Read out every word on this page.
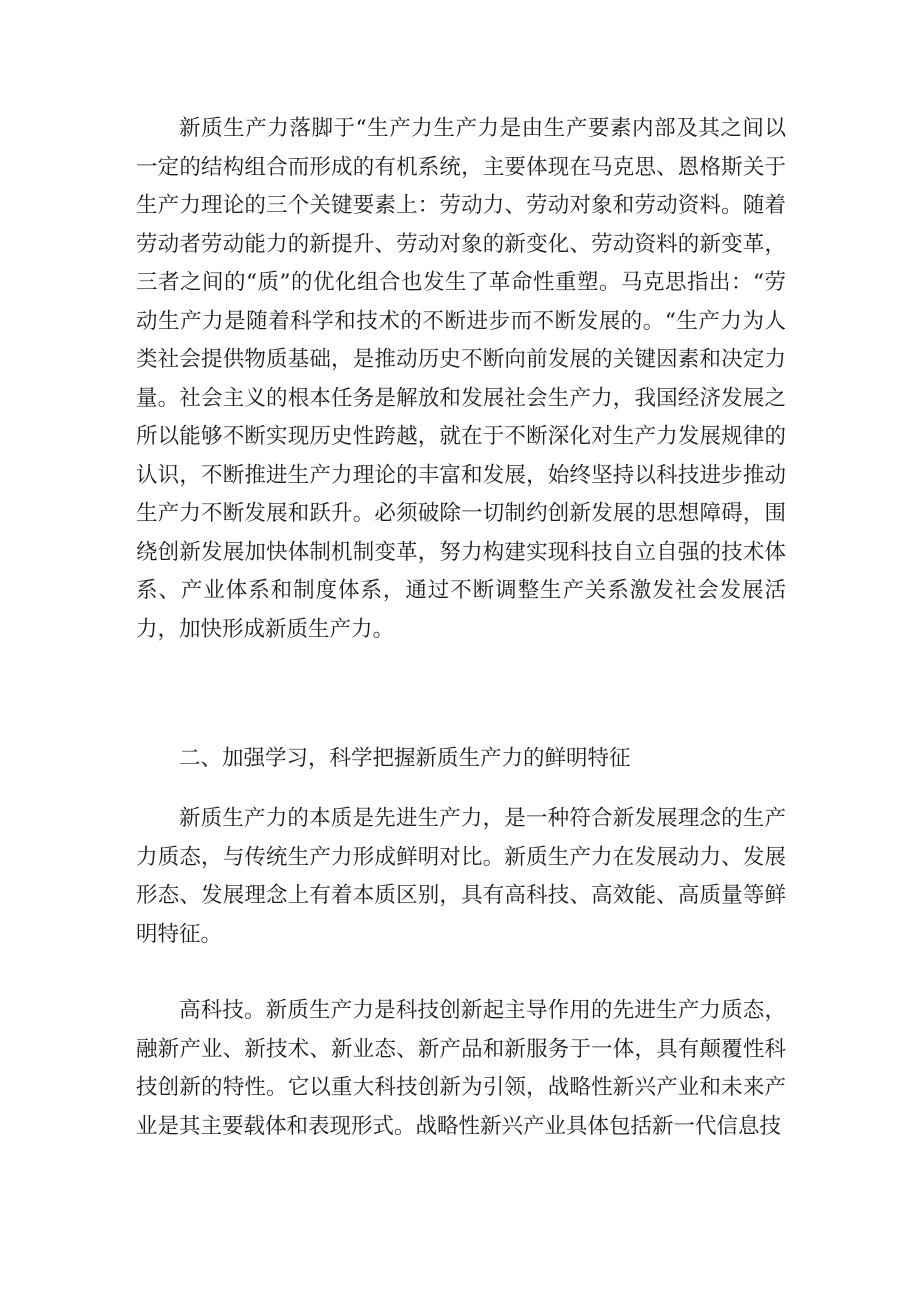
新质生产力落脚于“生产力生产力是由生产要素内部及其之间以一定的结构组合而形成的有机系统，主要体现在马克思、恩格斯关于生产力理论的三个关键要素上：劳动力、劳动对象和劳动资料。随着劳动者劳动能力的新提升、劳动对象的新变化、劳动资料的新变革，三者之间的“质”的优化组合也发生了革命性重塑。马克思指出：“劳动生产力是随着科学和技术的不断进步而不断发展的。“生产力为人类社会提供物质基础，是推动历史不断向前发展的关键因素和决定力量。社会主义的根本任务是解放和发展社会生产力，我国经济发展之所以能够不断实现历史性跨越，就在于不断深化对生产力发展规律的认识，不断推进生产力理论的丰富和发展，始终坚持以科技进步推动生产力不断发展和跃升。必须破除一切制约创新发展的思想障碍，围绕创新发展加快体制机制变革，努力构建实现科技自立自强的技术体系、产业体系和制度体系，通过不断调整生产关系激发社会发展活力，加快形成新质生产力。

二、加强学习，科学把握新质生产力的鲜明特征

新质生产力的本质是先进生产力，是一种符合新发展理念的生产力质态，与传统生产力形成鲜明对比。新质生产力在发展动力、发展形态、发展理念上有着本质区别，具有高科技、高效能、高质量等鲜明特征。

高科技。新质生产力是科技创新起主导作用的先进生产力质态，融新产业、新技术、新业态、新产品和新服务于一体，具有颠覆性科技创新的特性。它以重大科技创新为引领，战略性新兴产业和未来产业是其主要载体和表现形式。战略性新兴产业具体包括新一代信息技
